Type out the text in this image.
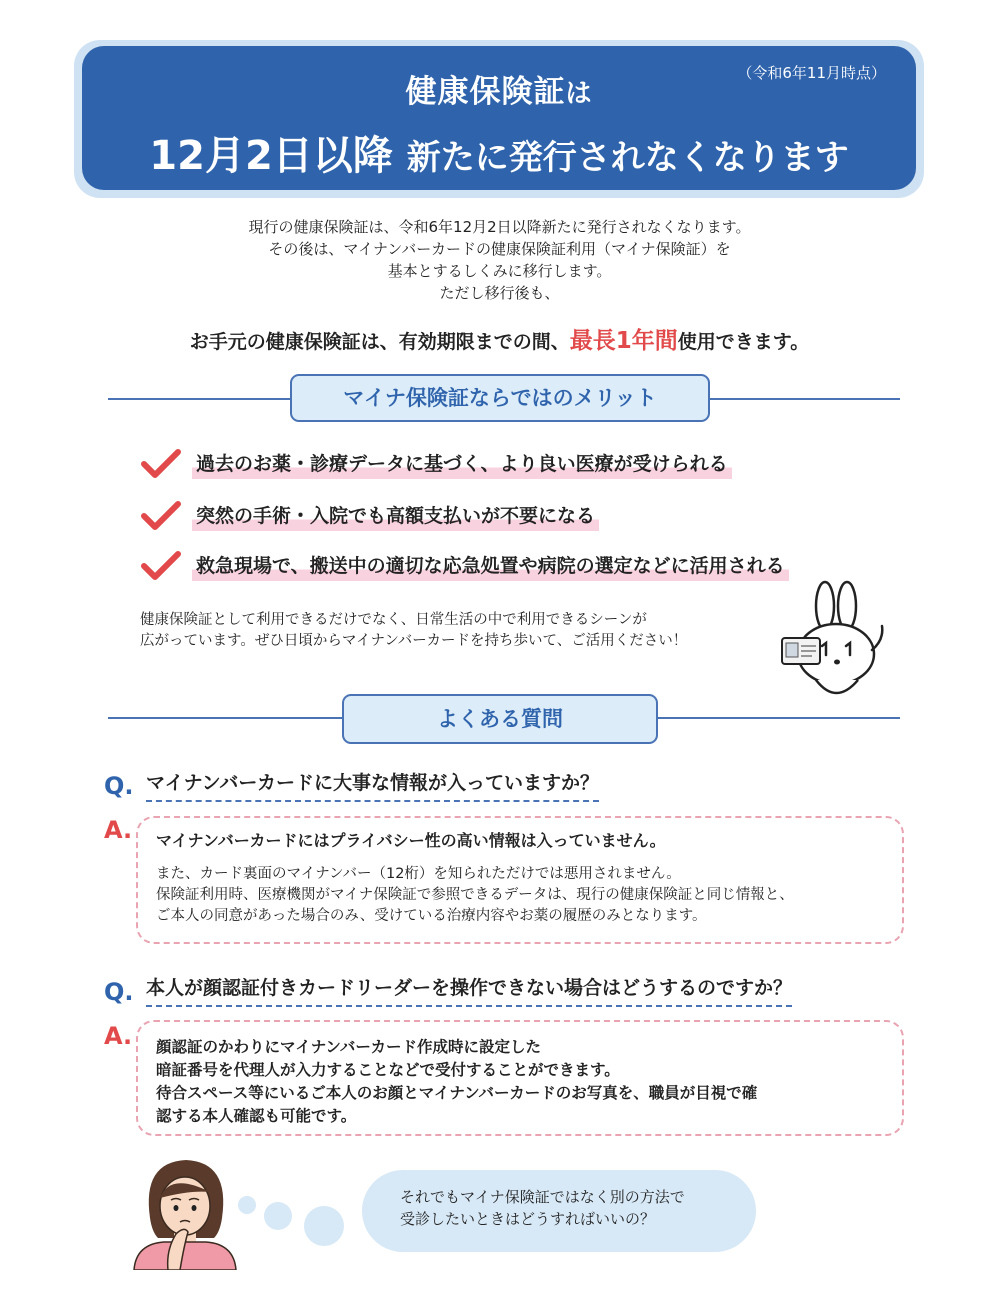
健康保険証は
（令和6年11月時点）
12月2日以降 新たに発行されなくなります
現行の健康保険証は、令和6年12月2日以降新たに発行されなくなります。
その後は、マイナンバーカードの健康保険証利用（マイナ保険証）を
基本とするしくみに移行します。
ただし移行後も、
お手元の健康保険証は、有効期限までの間、最長1年間使用できます。
マイナ保険証ならではのメリット
過去のお薬・診療データに基づく、より良い医療が受けられる
突然の手術・入院でも高額支払いが不要になる
救急現場で、搬送中の適切な応急処置や病院の選定などに活用される
健康保険証として利用できるだけでなく、日常生活の中で利用できるシーンが
広がっています。ぜひ日頃からマイナンバーカードを持ち歩いて、ご活用ください！
よくある質問
Q. マイナンバーカードに大事な情報が入っていますか？
A. マイナンバーカードにはプライバシー性の高い情報は入っていません。
また、カード裏面のマイナンバー（12桁）を知られただけでは悪用されません。
保険証利用時、医療機関がマイナ保険証で参照できるデータは、現行の健康保険証と同じ情報と、
ご本人の同意があった場合のみ、受けている治療内容やお薬の履歴のみとなります。
Q. 本人が顔認証付きカードリーダーを操作できない場合はどうするのですか？
A. 顔認証のかわりにマイナンバーカード作成時に設定した
暗証番号を代理人が入力することなどで受付することができます。
待合スペース等にいるご本人のお顔とマイナンバーカードのお写真を、職員が目視で確
認する本人確認も可能です。
それでもマイナ保険証ではなく別の方法で
受診したいときはどうすればいいの？
